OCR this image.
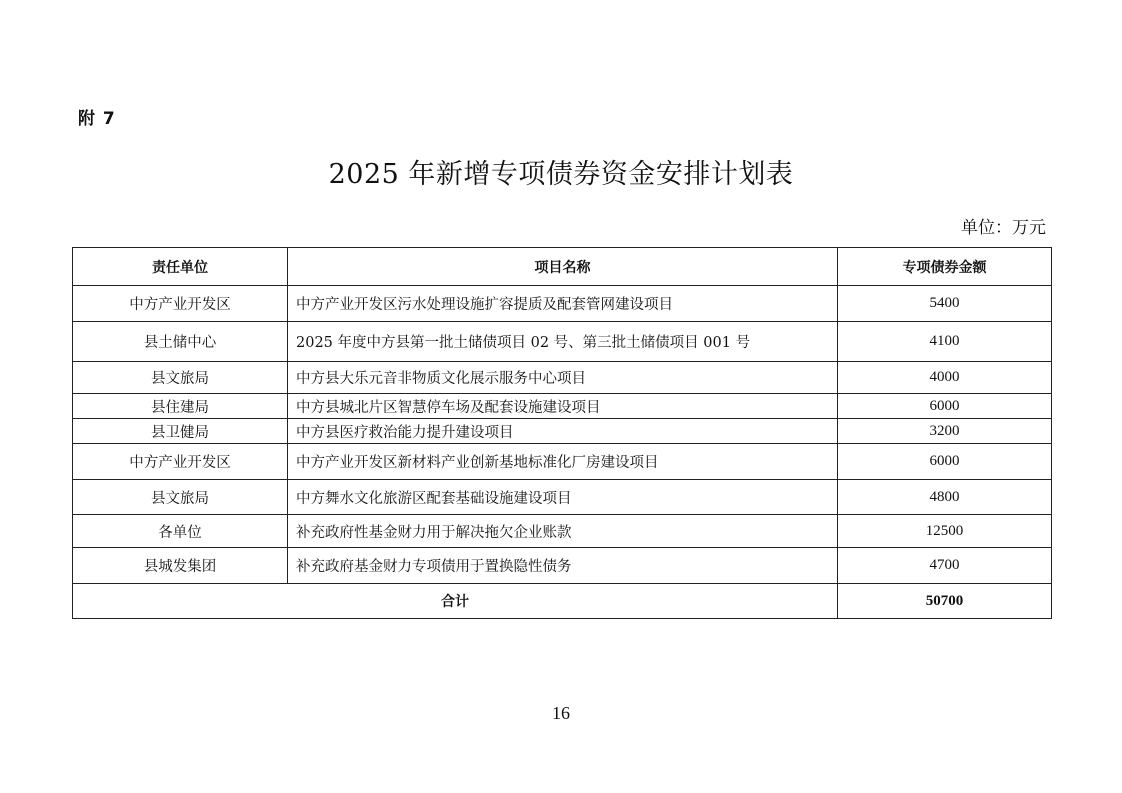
附 7
2025 年新增专项债券资金安排计划表
单位：万元
责任单位	项目名称	专项债券金额
中方产业开发区	中方产业开发区污水处理设施扩容提质及配套管网建设项目	5400
县土储中心	2025 年度中方县第一批土储债项目 02 号、第三批土储债项目 001 号	4100
县文旅局	中方县大乐元音非物质文化展示服务中心项目	4000
县住建局	中方县城北片区智慧停车场及配套设施建设项目	6000
县卫健局	中方县医疗救治能力提升建设项目	3200
中方产业开发区	中方产业开发区新材料产业创新基地标准化厂房建设项目	6000
县文旅局	中方舞水文化旅游区配套基础设施建设项目	4800
各单位	补充政府性基金财力用于解决拖欠企业账款	12500
县城发集团	补充政府基金财力专项债用于置换隐性债务	4700
合计		50700
16
